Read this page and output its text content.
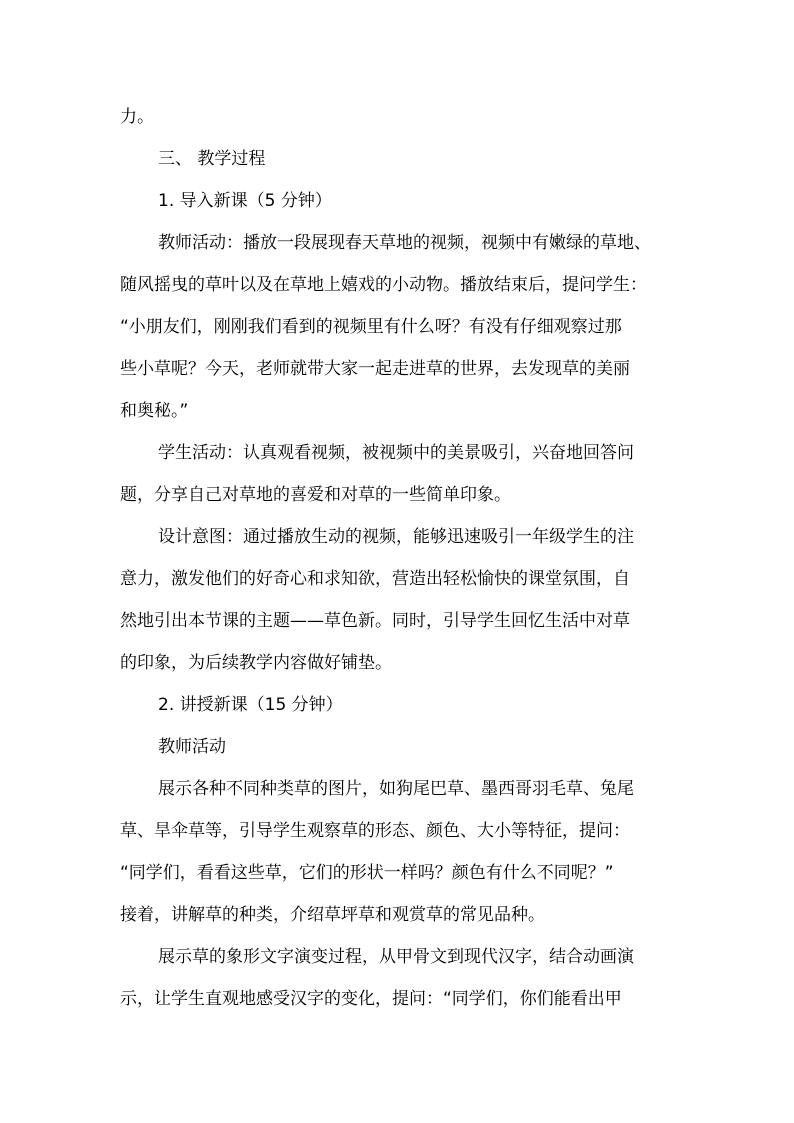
力。
三、 教学过程
1. 导入新课（5 分钟）
教师活动：播放一段展现春天草地的视频，视频中有嫩绿的草地、
随风摇曳的草叶以及在草地上嬉戏的小动物。播放结束后，提问学生：
“小朋友们，刚刚我们看到的视频里有什么呀？有没有仔细观察过那
些小草呢？今天，老师就带大家一起走进草的世界，去发现草的美丽
和奥秘。”
学生活动：认真观看视频，被视频中的美景吸引，兴奋地回答问
题，分享自己对草地的喜爱和对草的一些简单印象。
设计意图：通过播放生动的视频，能够迅速吸引一年级学生的注
意力，激发他们的好奇心和求知欲，营造出轻松愉快的课堂氛围，自
然地引出本节课的主题——草色新。同时，引导学生回忆生活中对草
的印象，为后续教学内容做好铺垫。
2. 讲授新课（15 分钟）
教师活动
展示各种不同种类草的图片，如狗尾巴草、墨西哥羽毛草、兔尾
草、旱伞草等，引导学生观察草的形态、颜色、大小等特征，提问：
“同学们，看看这些草，它们的形状一样吗？颜色有什么不同呢？”
接着，讲解草的种类，介绍草坪草和观赏草的常见品种。
展示草的象形文字演变过程，从甲骨文到现代汉字，结合动画演
示，让学生直观地感受汉字的变化，提问：“同学们，你们能看出甲
